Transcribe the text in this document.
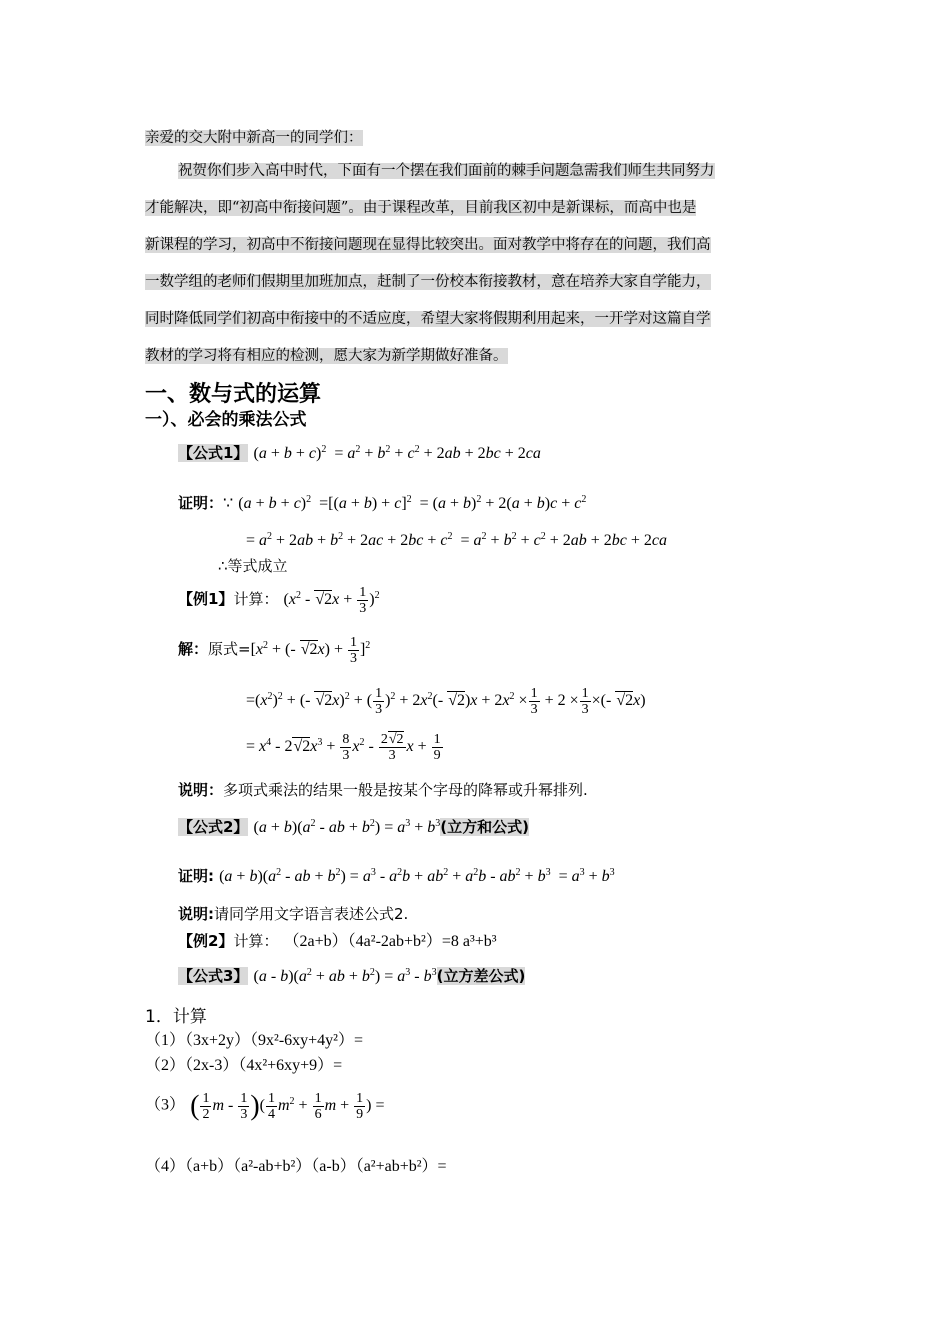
亲爱的交大附中新高一的同学们：
祝贺你们步入高中时代，下面有一个摆在我们面前的棘手问题急需我们师生共同努力
才能解决，即“初高中衔接问题”。由于课程改革，目前我区初中是新课标，而高中也是
新课程的学习，初高中不衔接问题现在显得比较突出。面对教学中将存在的问题，我们高
一数学组的老师们假期里加班加点，赶制了一份校本衔接教材，意在培养大家自学能力，
同时降低同学们初高中衔接中的不适应度，希望大家将假期利用起来，一开学对这篇自学
教材的学习将有相应的检测，愿大家为新学期做好准备。
一、数与式的运算
一）、必会的乘法公式
【公式1】 $(a + b + c)^2 = a^2 + b^2 + c^2 + 2ab + 2bc + 2ca$
证明：∵ $(a + b + c)^2 =[(a + b) + c]^2 = (a + b)^2 + 2(a + b)c + c^2$
= $a^2 + 2ab + b^2 + 2ac + 2bc + c^2 = a^2 + b^2 + c^2 + 2ab + 2bc + 2ca$
∴等式成立
【例1】计算： $(x^2 - √2x + \frac{1}{3} )^2$
解：原式$=[x^2$ + (- $√2x) + \frac{1}{3} ]^2$
$=(x^2)^2$ + (- √2x)$^2$ + ( $\frac{1}{3} )^2 + 2x^2(-$ $√2)x + 2x^2 \times \frac{1}{3} + 2 \times \frac{1}{3}$ ×(- √2x)
= $x^4 - 2√2x^3 + \frac{8}{3} x^2 - \frac{2√2}{3}$ $x + \frac{1}{9}$
说明：多项式乘法的结果一般是按某个字母的降幂或升幂排列.
【公式2】 $(a + b)(a^2$ - ab + $b^2) = a^3 + b^3$(立方和公式)
证明: $(a + b)(a^2$ - ab + $b^2) = a^3 - a^2b + ab^2 + a^2b - ab^2 + b^3 = a^3 + b^3$
说明:请同学用文字语言表述公式2.
【例2】计算： （2a+b）（4a²-2ab+b²）=8 a³+b³
【公式3】 $(a - b)(a^2$ + ab + $b^2) = a^3 - b^3$(立方差公式)
1．计算
（1）（3x+2y）（9x²-6xy+4y²）=
（2）（2x-3）（4x²+6xy+9）=
（3） ( $\frac{1}{2}$ m - $\frac{1}{3}$ )( $\frac{1}{4} m^2 + \frac{1}{6}$ $m + \frac{1}{9}$ ) =
（4）（a+b）（a²-ab+b²）（a-b）（a²+ab+b²）=
